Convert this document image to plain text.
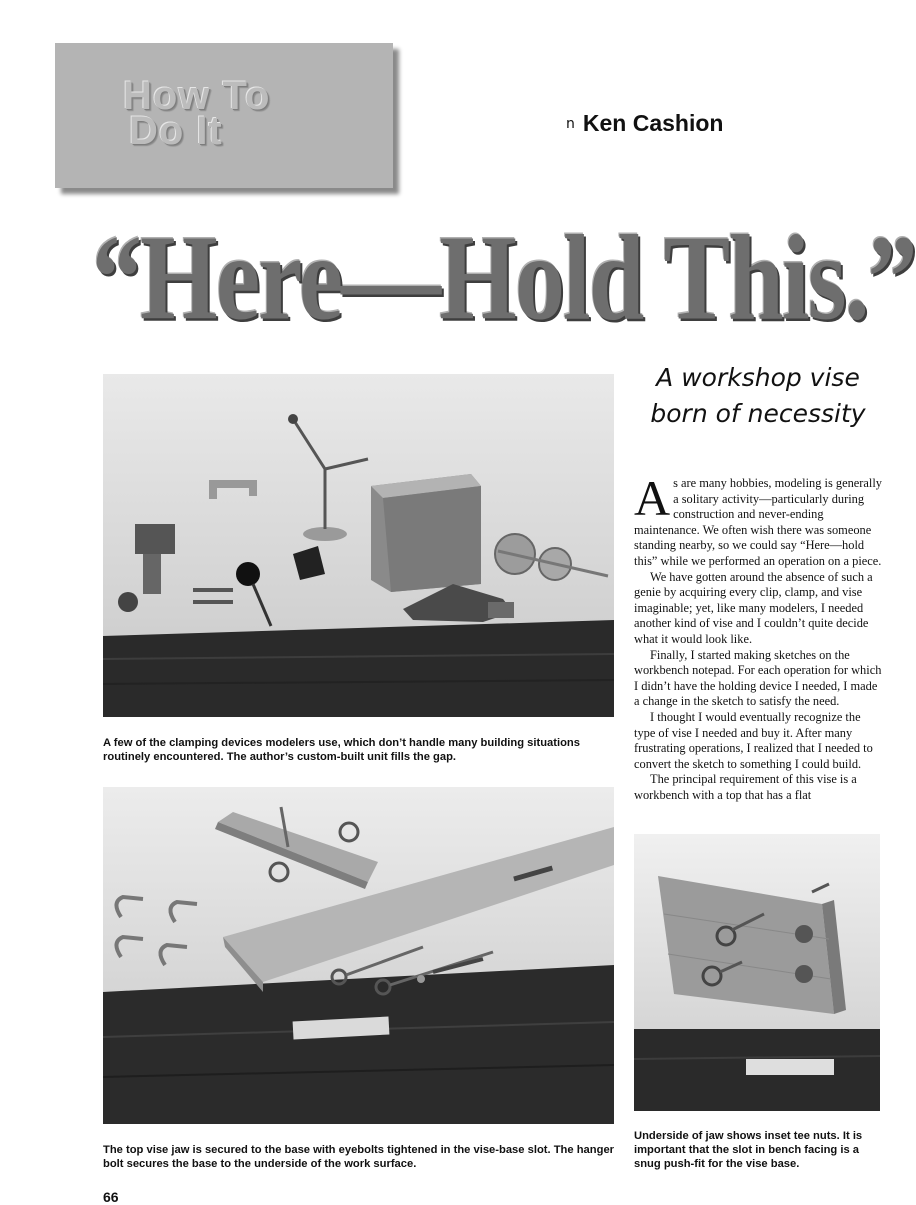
How To
Do It	n Ken Cashion
“Here—Hold This.”
A workshop vise
born of necessity

As are many hobbies, modeling is generally a solitary activity—particularly during construction and never-ending maintenance. We often wish there was someone standing nearby, so we could say “Here—hold this” while we performed an operation on a piece.

We have gotten around the absence of such a genie by acquiring every clip, clamp, and vise imaginable; yet, like many modelers, I needed another kind of vise and I couldn’t quite decide what it would look like.

Finally, I started making sketches on the workbench notepad. For each operation for which I didn’t have the holding device I needed, I made a change in the sketch to satisfy the need.

I thought I would eventually recognize the type of vise I needed and buy it. After many frustrating operations, I realized that I needed to convert the sketch to something I could build.

The principal requirement of this vise is a workbench with a top that has a flat

A few of the clamping devices modelers use, which don’t handle many building situations routinely encountered. The author’s custom-built unit fills the gap.
The top vise jaw is secured to the base with eyebolts tightened in the vise-base slot. The hanger bolt secures the base to the underside of the work surface.
Underside of jaw shows inset tee nuts. It is important that the slot in bench facing is a snug push-fit for the vise base.
66
